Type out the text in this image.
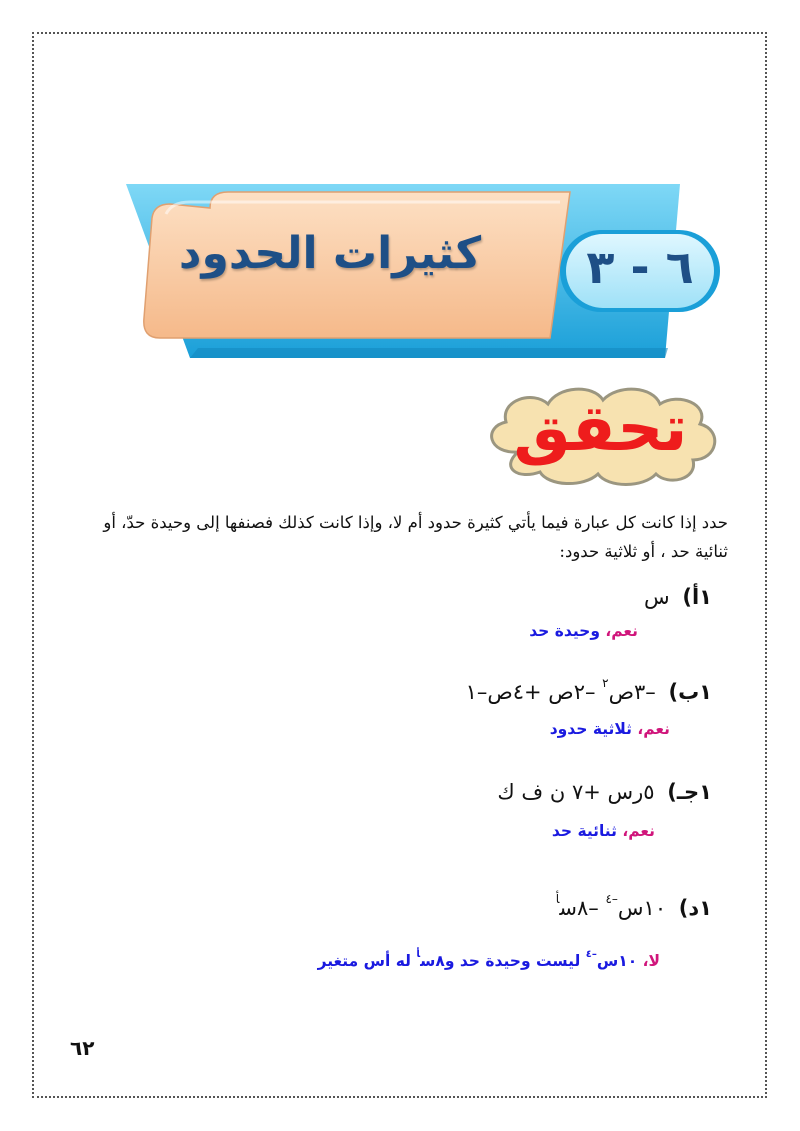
كثيرات الحدود	٦ - ٣
تحقق
حدد إذا كانت كل عبارة فيما يأتي كثيرة حدود أم لا، وإذا كانت كذلك فصنفها إلى وحيدة حدّ، أو ثنائية حد ، أو ثلاثية حدود:
١أ) س
نعم، وحيدة حد
١ب) –٣ص$^٢$ –٢ص +٤ص–١
نعم، ثلاثية حدود
١جـ) ٥رس +٧ ن ف ك
نعم، ثنائية حد
١د) ١٠س$^{-٤}$ –٨س$^أ$
لا، ١٠س$^{-٤}$ ليست وحيدة حد و٨س$^أ$ له أس متغير
٦٢
